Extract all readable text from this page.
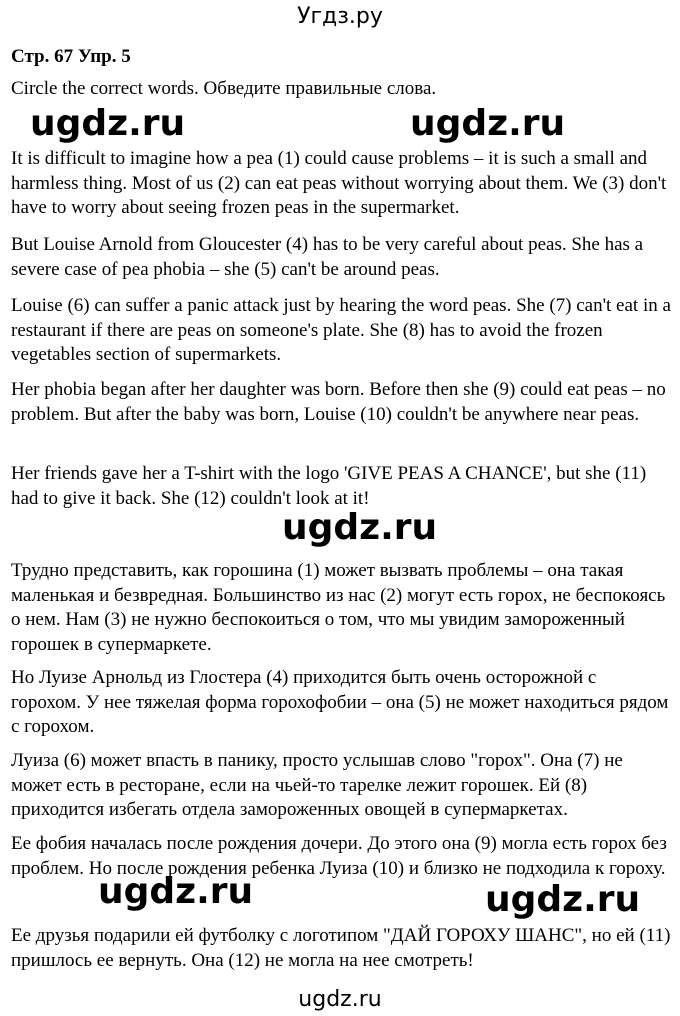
Угдз.ру
Стр. 67 Упр. 5
Circle the correct words. Обведите правильные слова.
ugdz.ru	ugdz.ru

It is difficult to imagine how a pea (1) could cause problems – it is such a small and harmless thing. Most of us (2) can eat peas without worrying about them. We (3) don't have to worry about seeing frozen peas in the supermarket.

But Louise Arnold from Gloucester (4) has to be very careful about peas. She has a severe case of pea phobia – she (5) can't be around peas.

Louise (6) can suffer a panic attack just by hearing the word peas. She (7) can't eat in a restaurant if there are peas on someone's plate. She (8) has to avoid the frozen vegetables section of supermarkets.

Her phobia began after her daughter was born. Before then she (9) could eat peas – no problem. But after the baby was born, Louise (10) couldn't be anywhere near peas.

Her friends gave her a T-shirt with the logo 'GIVE PEAS A CHANCE', but she (11) had to give it back. She (12) couldn't look at it!

ugdz.ru

Трудно представить, как горошина (1) может вызвать проблемы – она такая маленькая и безвредная. Большинство из нас (2) могут есть горох, не беспокоясь о нем. Нам (3) не нужно беспокоиться о том, что мы увидим замороженный горошек в супермаркете.

Но Луизе Арнольд из Глостера (4) приходится быть очень осторожной с горохом. У нее тяжелая форма горохофобии – она (5) не может находиться рядом с горохом.

Луиза (6) может впасть в панику, просто услышав слово "горох". Она (7) не может есть в ресторане, если на чьей-то тарелке лежит горошек. Ей (8) приходится избегать отдела замороженных овощей в супермаркетах.

Ее фобия началась после рождения дочери. До этого она (9) могла есть горох без проблем. Но после рождения ребенка Луиза (10) и близко не подходила к гороху.

Ее друзья подарили ей футболку с логотипом "ДАЙ ГОРОХУ ШАНС", но ей (11) пришлось ее вернуть. Она (12) не могла на нее смотреть!

ugdz.ru	ugdz.ru
ugdz.ru
